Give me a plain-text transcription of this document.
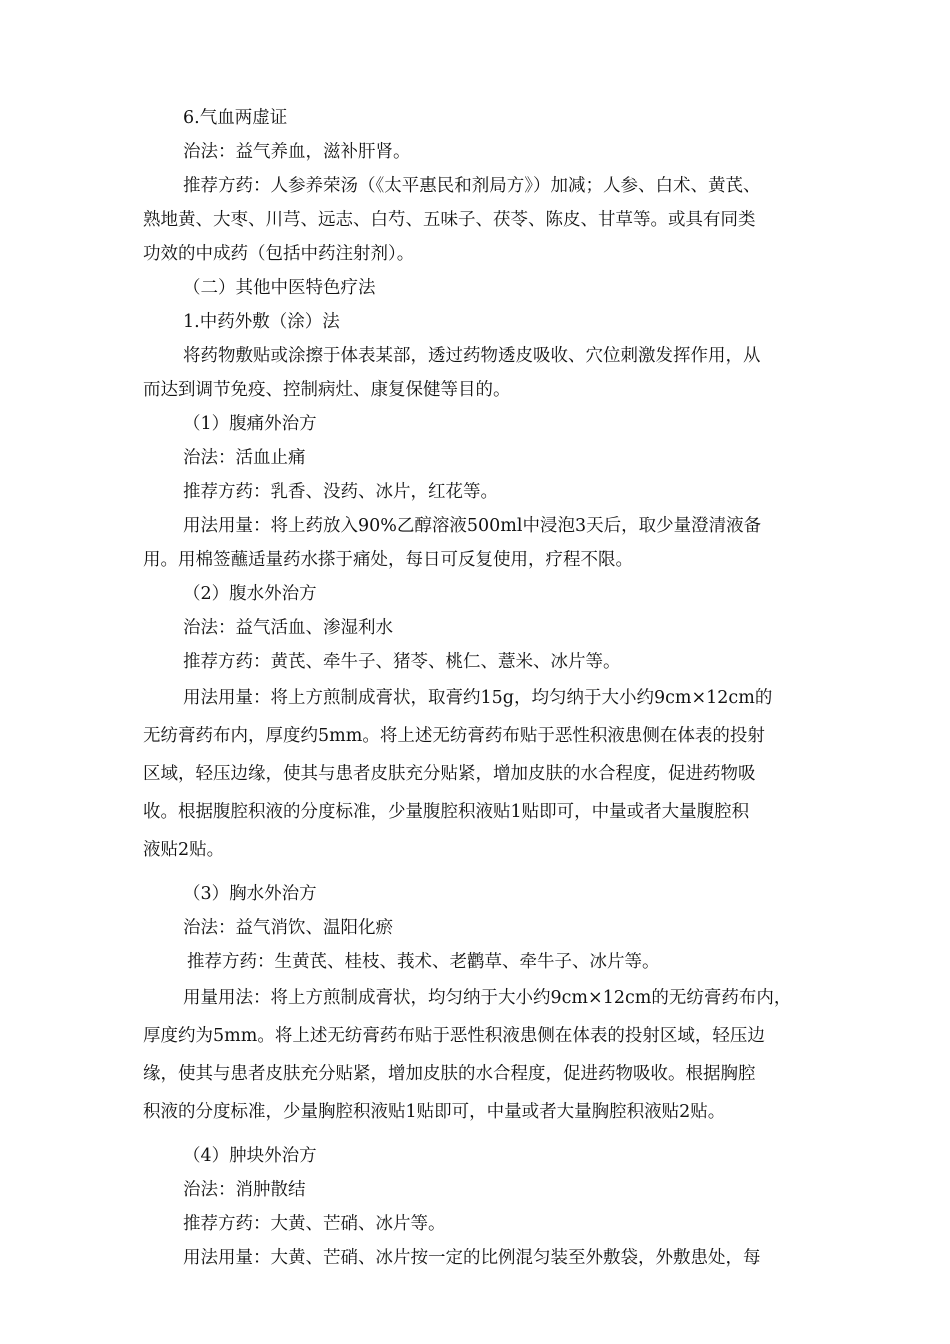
6.气血两虚证
治法：益气养血，滋补肝肾。
推荐方药：人参养荣汤（《太平惠民和剂局方》）加减；人参、白术、黄芪、
熟地黄、大枣、川芎、远志、白芍、五味子、茯苓、陈皮、甘草等。或具有同类
功效的中成药（包括中药注射剂）。
（二）其他中医特色疗法
1.中药外敷（涂）法
将药物敷贴或涂擦于体表某部，透过药物透皮吸收、穴位刺激发挥作用，从
而达到调节免疫、控制病灶、康复保健等目的。
（1）腹痛外治方
治法：活血止痛
推荐方药：乳香、没药、冰片，红花等。
用法用量：将上药放入90%乙醇溶液500ml中浸泡3天后，取少量澄清液备
用。用棉签蘸适量药水搽于痛处，每日可反复使用，疗程不限。
（2）腹水外治方
治法：益气活血、渗湿利水
推荐方药：黄芪、牵牛子、猪苓、桃仁、薏米、冰片等。
用法用量：将上方煎制成膏状，取膏约15g，均匀纳于大小约9cm×12cm的
无纺膏药布内，厚度约5mm。将上述无纺膏药布贴于恶性积液患侧在体表的投射
区域，轻压边缘，使其与患者皮肤充分贴紧，增加皮肤的水合程度，促进药物吸
收。根据腹腔积液的分度标准，少量腹腔积液贴1贴即可，中量或者大量腹腔积
液贴2贴。
（3）胸水外治方
治法：益气消饮、温阳化瘀
推荐方药：生黄芪、桂枝、莪术、老鹳草、牵牛子、冰片等。
用量用法：将上方煎制成膏状，均匀纳于大小约9cm×12cm的无纺膏药布内，
厚度约为5mm。将上述无纺膏药布贴于恶性积液患侧在体表的投射区域，轻压边
缘，使其与患者皮肤充分贴紧，增加皮肤的水合程度，促进药物吸收。根据胸腔
积液的分度标准，少量胸腔积液贴1贴即可，中量或者大量胸腔积液贴2贴。
（4）肿块外治方
治法：消肿散结
推荐方药：大黄、芒硝、冰片等。
用法用量：大黄、芒硝、冰片按一定的比例混匀装至外敷袋，外敷患处，每
